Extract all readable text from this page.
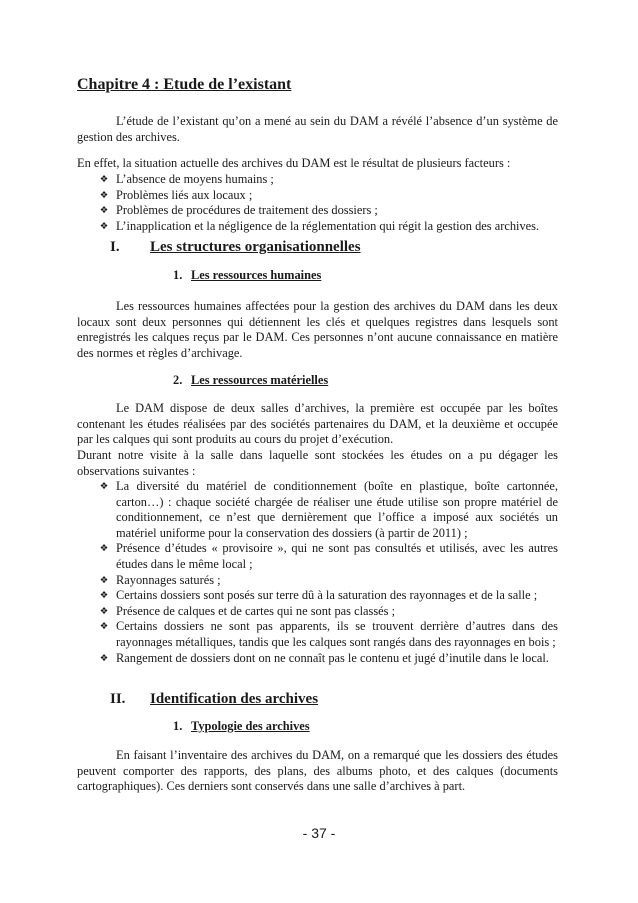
Chapitre 4 : Etude de l’existant

L’étude de l’existant qu’on a mené au sein du DAM a révélé l’absence d’un système de gestion des archives.

En effet, la situation actuelle des archives du DAM est le résultat de plusieurs facteurs :

❖ L’absence de moyens humains ;
❖ Problèmes liés aux locaux ;
❖ Problèmes de procédures de traitement des dossiers ;
❖ L’inapplication et la négligence de la réglementation qui régit la gestion des archives.
I. Les structures organisationnelles
1. Les ressources humaines

Les ressources humaines affectées pour la gestion des archives du DAM dans les deux locaux sont deux personnes qui détiennent les clés et quelques registres dans lesquels sont enregistrés les calques reçus par le DAM. Ces personnes n’ont aucune connaissance en matière des normes et règles d’archivage.

2. Les ressources matérielles

Le DAM dispose de deux salles d’archives, la première est occupée par les boîtes contenant les études réalisées par des sociétés partenaires du DAM, et la deuxième et occupée par les calques qui sont produits au cours du projet d’exécution.

Durant notre visite à la salle dans laquelle sont stockées les études on a pu dégager les observations suivantes :

❖ La diversité du matériel de conditionnement (boîte en plastique, boîte cartonnée, carton…) : chaque société chargée de réaliser une étude utilise son propre matériel de conditionnement, ce n’est que dernièrement que l’office a imposé aux sociétés un matériel uniforme pour la conservation des dossiers (à partir de 2011) ;
❖ Présence d’études « provisoire », qui ne sont pas consultés et utilisés, avec les autres études dans le même local ;
❖ Rayonnages saturés ;
❖ Certains dossiers sont posés sur terre dû à la saturation des rayonnages et de la salle ;
❖ Présence de calques et de cartes qui ne sont pas classés ;
❖ Certains dossiers ne sont pas apparents, ils se trouvent derrière d’autres dans des rayonnages métalliques, tandis que les calques sont rangés dans des rayonnages en bois ;
❖ Rangement de dossiers dont on ne connaît pas le contenu et jugé d’inutile dans le local.
II. Identification des archives
1. Typologie des archives

En faisant l’inventaire des archives du DAM, on a remarqué que les dossiers des études peuvent comporter des rapports, des plans, des albums photo, et des calques (documents cartographiques). Ces derniers sont conservés dans une salle d’archives à part.

- 37 -
